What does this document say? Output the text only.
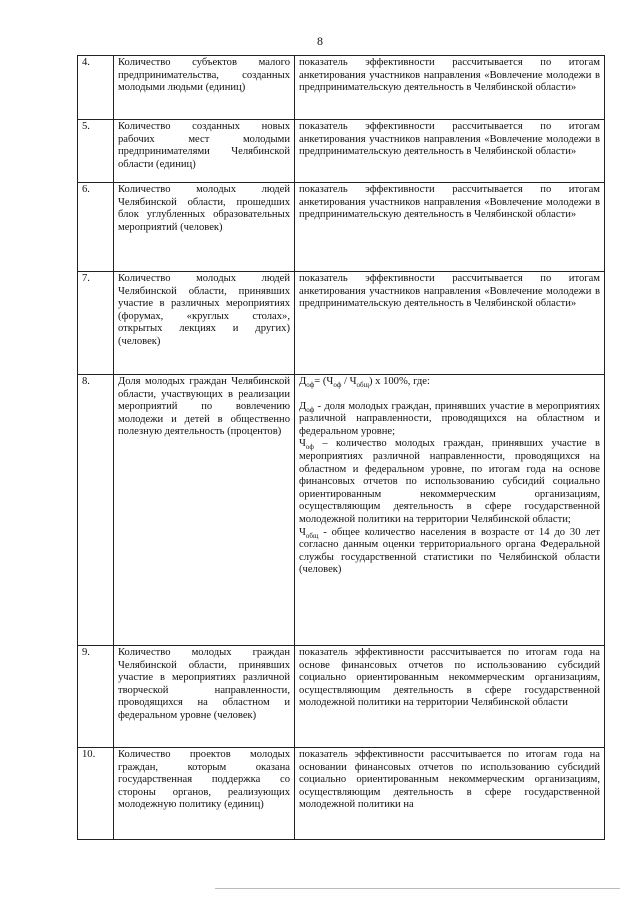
8
4.	Количество субъектов малого предпринимательства, созданных молодыми людьми (единиц)	показатель эффективности рассчитывается по итогам анкетирования участников направления «Вовлечение молодежи в предпринимательскую деятельность в Челябинской области»
5.	Количество созданных новых рабочих мест молодыми предпринимателями Челябинской области (единиц)	показатель эффективности рассчитывается по итогам анкетирования участников направления «Вовлечение молодежи в предпринимательскую деятельность в Челябинской области»
6.	Количество молодых людей Челябинской области, прошедших блок углубленных образовательных мероприятий (человек)	показатель эффективности рассчитывается по итогам анкетирования участников направления «Вовлечение молодежи в предпринимательскую деятельность в Челябинской области»
7.	Количество молодых людей Челябинской области, принявших участие в различных мероприятиях (форумах, «круглых столах», открытых лекциях и других) (человек)	показатель эффективности рассчитывается по итогам анкетирования участников направления «Вовлечение молодежи в предпринимательскую деятельность в Челябинской области»
8.	Доля молодых граждан Челябинской области, участвующих в реализации мероприятий по вовлечению молодежи и детей в общественно полезную деятельность (процентов)	$Д_{оф}= (Ч_{оф} / Ч_{общ})$ х 100%, где:

$Д_{оф}$ - доля молодых граждан, принявших участие в мероприятиях различной направленности, проводящихся на областном и федеральном уровне;

$Ч_{оф}$ – количество молодых граждан, принявших участие в мероприятиях различной направленности, проводящихся на областном и федеральном уровне, по итогам года на основе финансовых отчетов по использованию субсидий социально ориентированным некоммерческим организациям, осуществляющим деятельность в сфере государственной молодежной политики на территории Челябинской области;

$Ч_{общ}$ - общее количество населения в возрасте от 14 до 30 лет согласно данным оценки территориального органа Федеральной службы государственной статистики по Челябинской области (человек)

9.	Количество молодых граждан Челябинской области, принявших участие в мероприятиях различной творческой направленности, проводящихся на областном и федеральном уровне (человек)	показатель эффективности рассчитывается по итогам года на основе финансовых отчетов по использованию субсидий социально ориентированным некоммерческим организациям, осуществляющим деятельность в сфере государственной молодежной политики на территории Челябинской области
10.	Количество проектов молодых граждан, которым оказана государственная поддержка со стороны органов, реализующих молодежную политику (единиц)	показатель эффективности рассчитывается по итогам года на основании финансовых отчетов по использованию субсидий социально ориентированным некоммерческим организациям, осуществляющим деятельность в сфере государственной молодежной политики на
